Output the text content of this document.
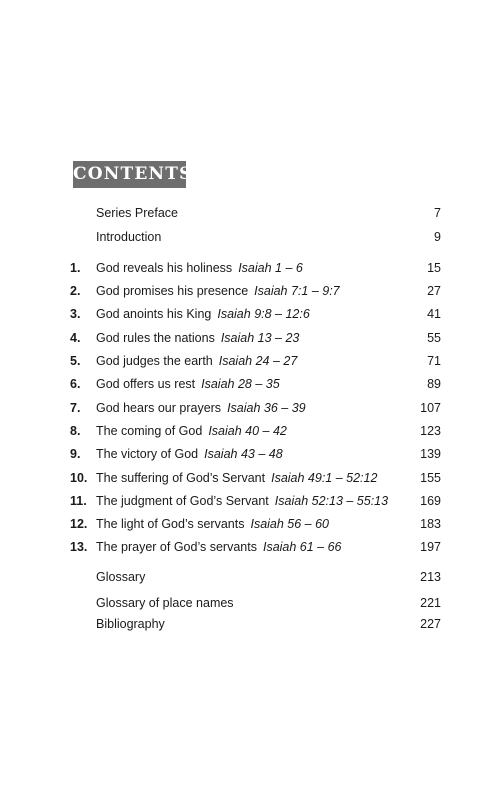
CONTENTS
Series Preface	7
Introduction	9
1. God reveals his holiness Isaiah 1 – 6	15
2. God promises his presence Isaiah 7:1 – 9:7	27
3. God anoints his King Isaiah 9:8 – 12:6	41
4. God rules the nations Isaiah 13 – 23	55
5. God judges the earth Isaiah 24 – 27	71
6. God offers us rest Isaiah 28 – 35	89
7. God hears our prayers Isaiah 36 – 39	107
8. The coming of God Isaiah 40 – 42	123
9. The victory of God Isaiah 43 – 48	139
10. The suffering of God’s Servant Isaiah 49:1 – 52:12	155
11. The judgment of God’s Servant Isaiah 52:13 – 55:13	169
12. The light of God’s servants Isaiah 56 – 60	183
13. The prayer of God’s servants Isaiah 61 – 66	197
Glossary	213
Glossary of place names	221
Bibliography	227
